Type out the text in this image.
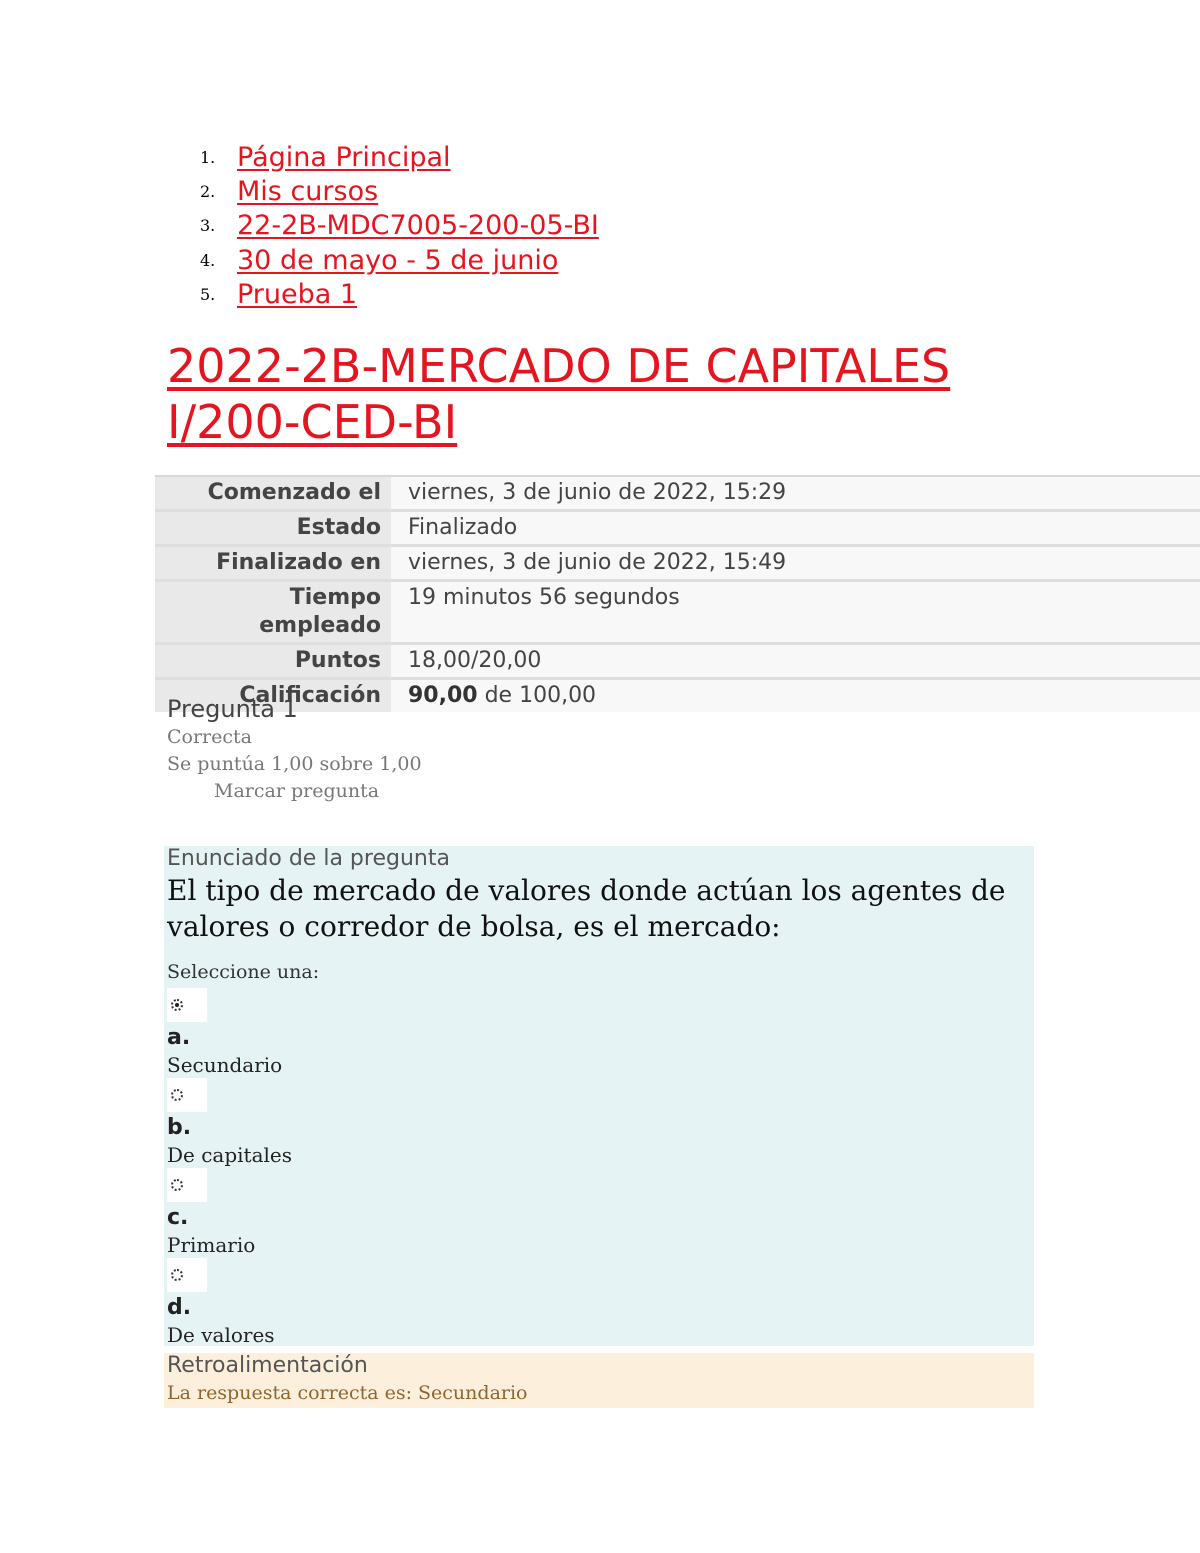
1. Página Principal
2. Mis cursos
3. 22-2B-MDC7005-200-05-BI
4. 30 de mayo - 5 de junio
5. Prueba 1
2022-2B-MERCADO DE CAPITALES
I/200-CED-BI
Comenzado el	viernes, 3 de junio de 2022, 15:29
Estado	Finalizado
Finalizado en	viernes, 3 de junio de 2022, 15:49
Tiempo
empleado	19 minutos 56 segundos
Puntos	18,00/20,00
Calificación	90,00 de 100,00
Pregunta 1
Correcta
Se puntúa 1,00 sobre 1,00
Marcar pregunta
Enunciado de la pregunta

El tipo de mercado de valores donde actúan los agentes de valores o corredor de bolsa, es el mercado:

Seleccione una:
a.
Secundario
b.
De capitales
c.
Primario
d.
De valores
Retroalimentación
La respuesta correcta es: Secundario
